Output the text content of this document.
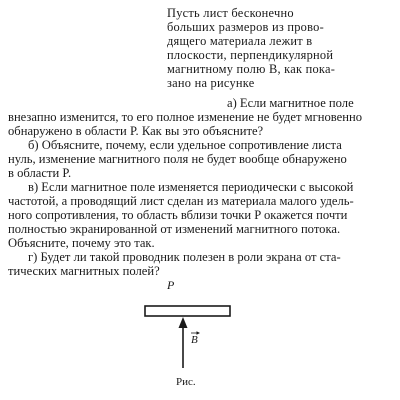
Пусть лист бесконечно
больших размеров из прово-
дящего материала лежит в
плоскости, перпендикулярной
магнитному полю B, как пока-
зано на рисунке
а) Если магнитное поле
внезапно изменится, то его полное изменение не будет мгновенно
обнаружено в области P. Как вы это объясните?
б) Объясните, почему, если удельное сопротивление листа
нуль, изменение магнитного поля не будет вообще обнаружено
в области P.
в) Если магнитное поле изменяется периодически с высокой
частотой, а проводящий лист сделан из материала малого удель-
ного сопротивления, то область вблизи точки P окажется почти
полностью экранированной от изменений магнитного потока.
Объясните, почему это так.
г) Будет ли такой проводник полезен в роли экрана от ста-
тических магнитных полей?
P
B
Рис.
